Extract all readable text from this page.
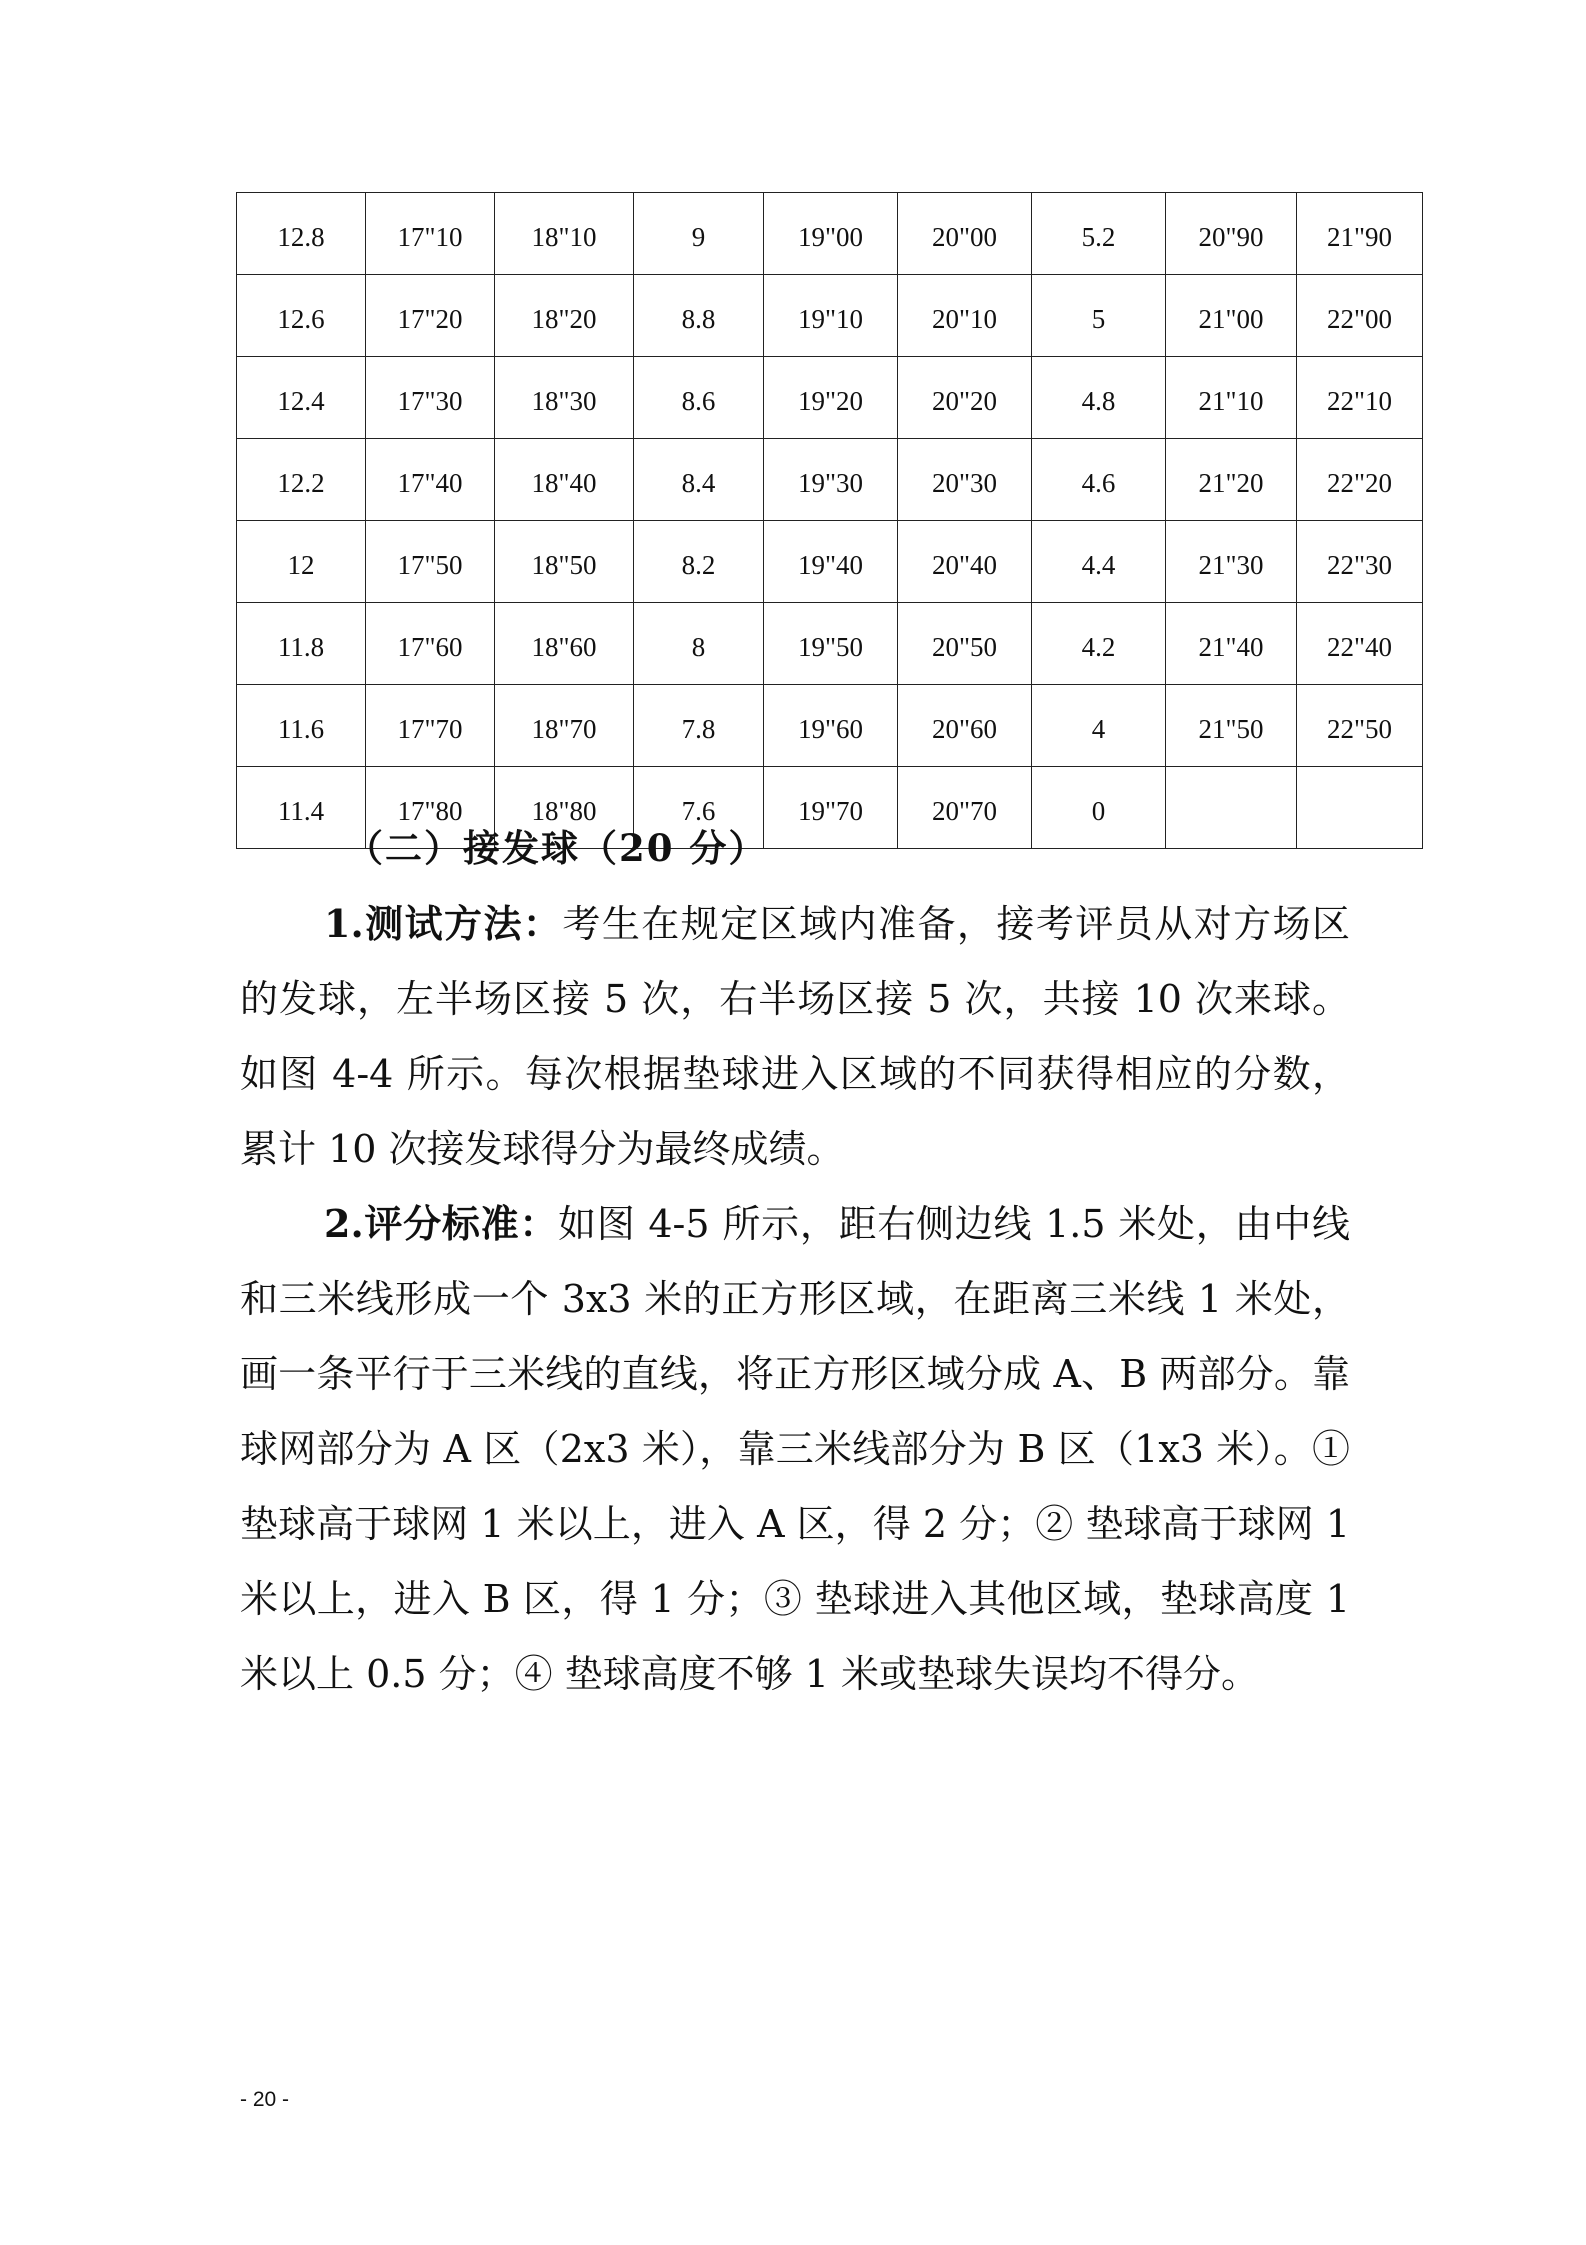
12.8	17"10	18"10	9	19"00	20"00	5.2	20"90	21"90
12.6	17"20	18"20	8.8	19"10	20"10	5	21"00	22"00
12.4	17"30	18"30	8.6	19"20	20"20	4.8	21"10	22"10
12.2	17"40	18"40	8.4	19"30	20"30	4.6	21"20	22"20
12	17"50	18"50	8.2	19"40	20"40	4.4	21"30	22"30
11.8	17"60	18"60	8	19"50	20"50	4.2	21"40	22"40
11.6	17"70	18"70	7.8	19"60	20"60	4	21"50	22"50
11.4	17"80	18"80	7.6	19"70	20"70	0		
（二）接发球（20 分）

1.测试方法：考生在规定区域内准备，接考评员从对方场区的发球，左半场区接 5 次，右半场区接 5 次，共接 10 次来球。如图 4-4 所示。每次根据垫球进入区域的不同获得相应的分数，累计 10 次接发球得分为最终成绩。

2.评分标准：如图 4-5 所示，距右侧边线 1.5 米处，由中线和三米线形成一个 3x3 米的正方形区域，在距离三米线 1 米处，画一条平行于三米线的直线，将正方形区域分成 A、B 两部分。靠球网部分为 A 区（2x3 米），靠三米线部分为 B 区（1x3 米）。① 垫球高于球网 1 米以上，进入 A 区，得 2 分；② 垫球高于球网 1 米以上，进入 B 区，得 1 分；③ 垫球进入其他区域，垫球高度 1 米以上 0.5 分；④ 垫球高度不够 1 米或垫球失误均不得分。

- 20 -
